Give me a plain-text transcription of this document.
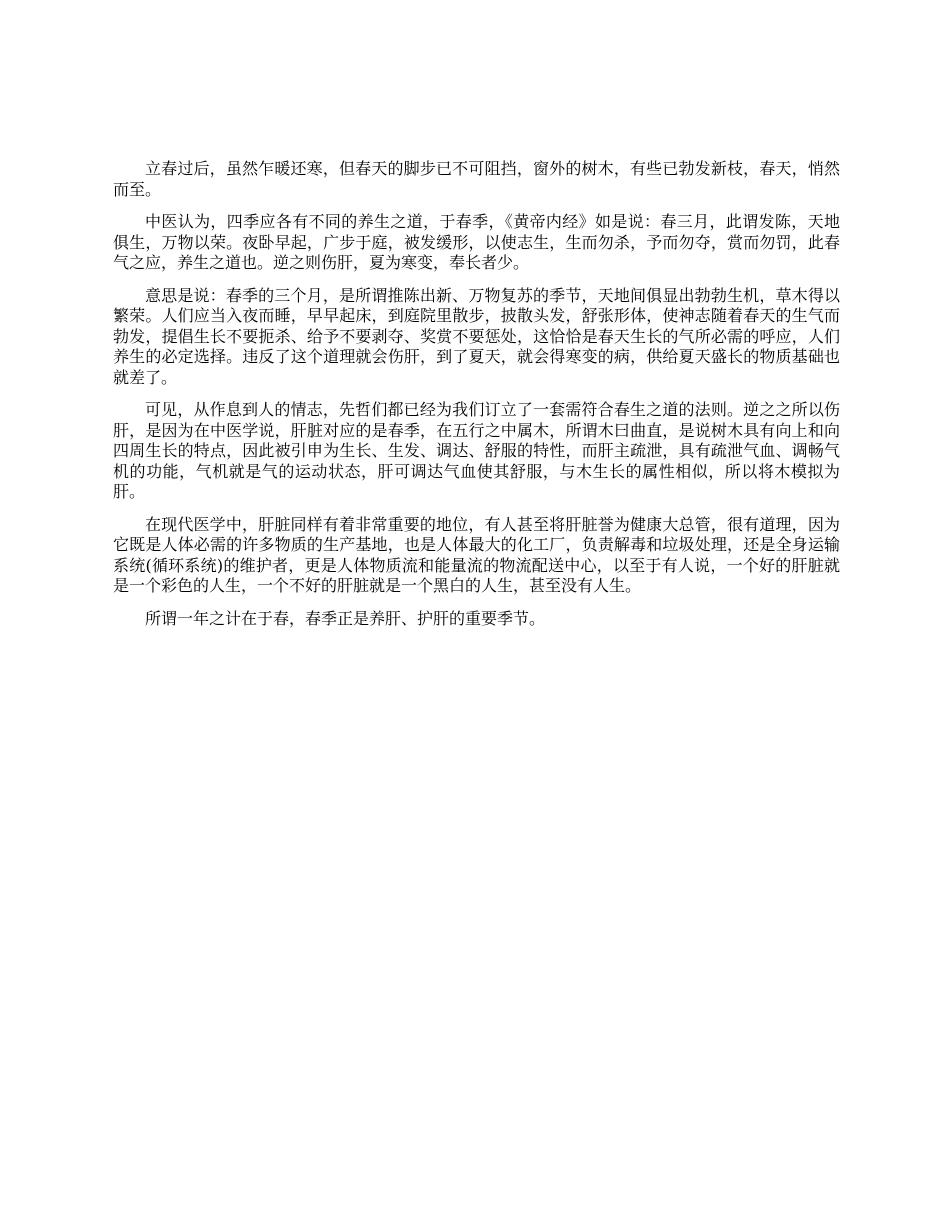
立春过后，虽然乍暖还寒，但春天的脚步已不可阻挡，窗外的树木，有些已勃发新枝，春天，悄然而至。

中医认为，四季应各有不同的养生之道，于春季，《黄帝内经》如是说：春三月，此谓发陈，天地俱生，万物以荣。夜卧早起，广步于庭，被发缓形，以使志生，生而勿杀，予而勿夺，赏而勿罚，此春气之应，养生之道也。逆之则伤肝，夏为寒变，奉长者少。

意思是说：春季的三个月，是所谓推陈出新、万物复苏的季节，天地间俱显出勃勃生机，草木得以繁荣。人们应当入夜而睡，早早起床，到庭院里散步，披散头发，舒张形体，使神志随着春天的生气而勃发，提倡生长不要扼杀、给予不要剥夺、奖赏不要惩处，这恰恰是春天生长的气所必需的呼应，人们养生的必定选择。违反了这个道理就会伤肝，到了夏天，就会得寒变的病，供给夏天盛长的物质基础也就差了。

可见，从作息到人的情志，先哲们都已经为我们订立了一套需符合春生之道的法则。逆之之所以伤肝，是因为在中医学说，肝脏对应的是春季，在五行之中属木，所谓木曰曲直，是说树木具有向上和向四周生长的特点，因此被引申为生长、生发、调达、舒服的特性，而肝主疏泄，具有疏泄气血、调畅气机的功能，气机就是气的运动状态，肝可调达气血使其舒服，与木生长的属性相似，所以将木模拟为肝。

在现代医学中，肝脏同样有着非常重要的地位，有人甚至将肝脏誉为健康大总管，很有道理，因为它既是人体必需的许多物质的生产基地，也是人体最大的化工厂，负责解毒和垃圾处理，还是全身运输系统(循环系统)的维护者，更是人体物质流和能量流的物流配送中心，以至于有人说，一个好的肝脏就是一个彩色的人生，一个不好的肝脏就是一个黑白的人生，甚至没有人生。

所谓一年之计在于春，春季正是养肝、护肝的重要季节。
